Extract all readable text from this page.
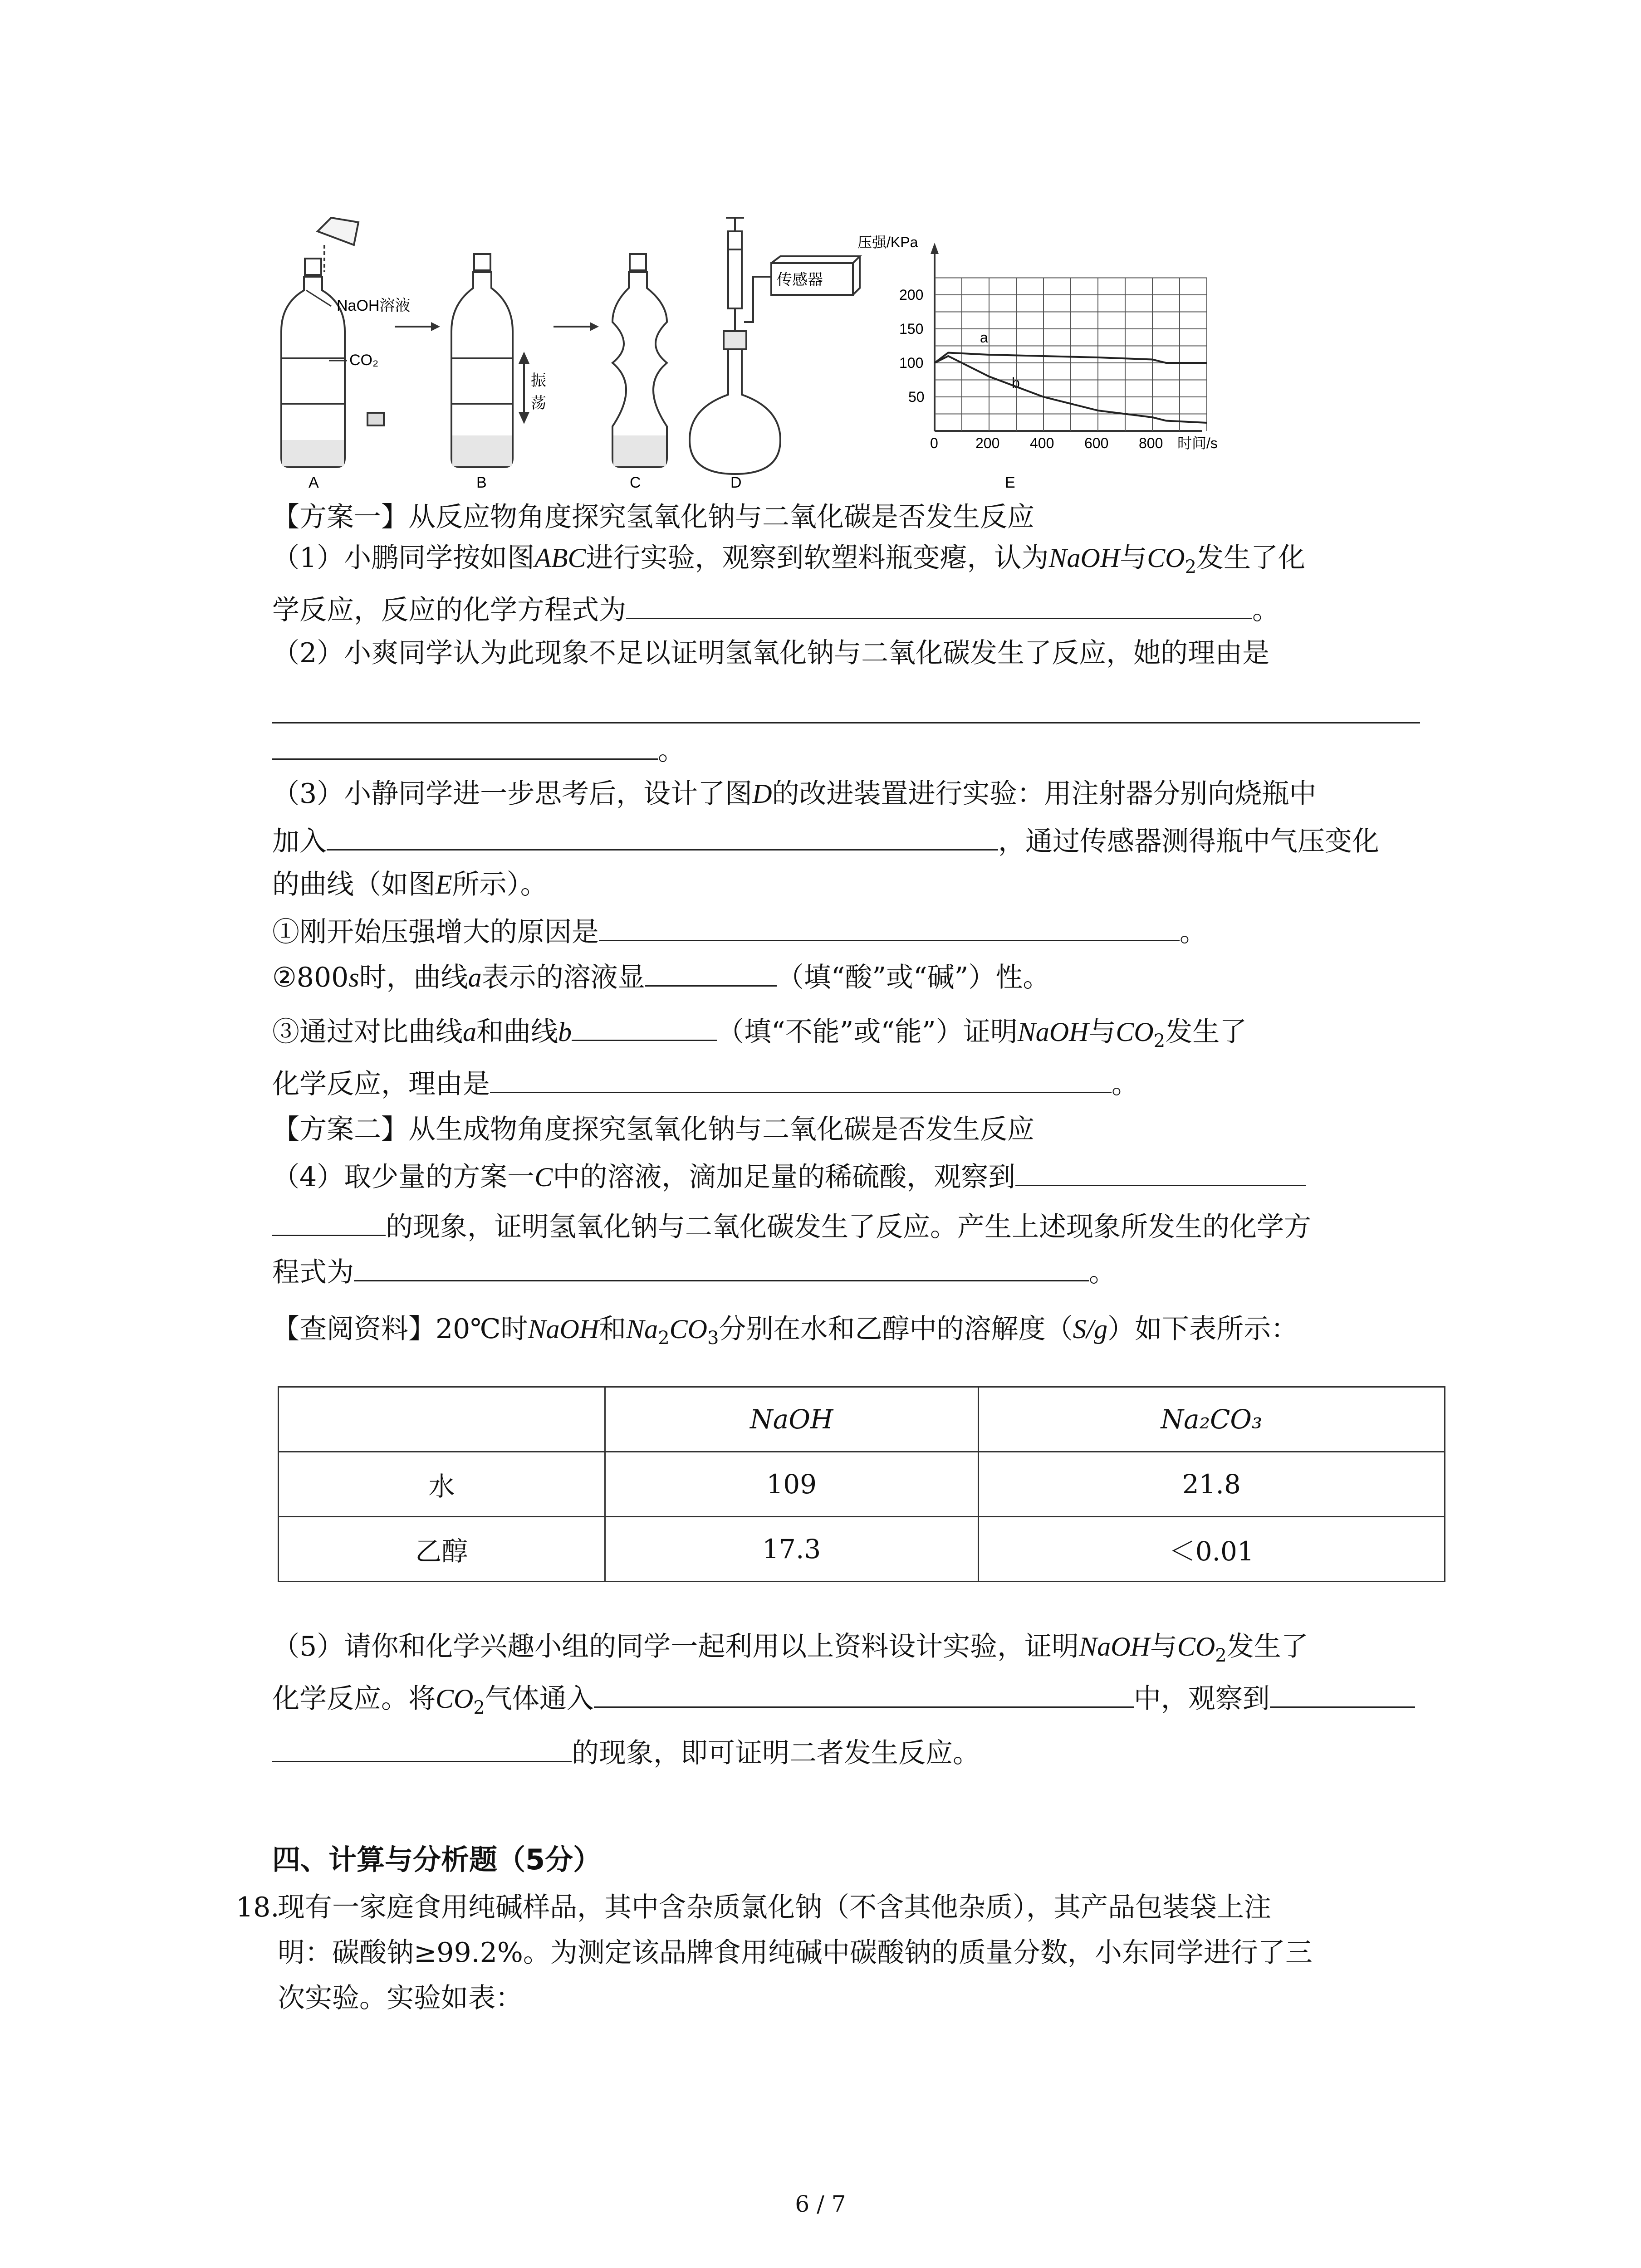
NaOH溶液
CO₂
A
振
荡
B	C
传感器
D
压强/KPa
时间/s
a
b
E
0	200 400 600 800
50
100
150
200
【方案一】从反应物角度探究氢氧化钠与二氧化碳是否发生反应
（1）小鹏同学按如图ABC进行实验，观察到软塑料瓶变瘪，认为NaOH与$CO_2$发生了化
学反应，反应的化学方程式为	。
（2）小爽同学认为此现象不足以证明氢氧化钠与二氧化碳发生了反应，她的理由是
。
（3）小静同学进一步思考后，设计了图D的改进装置进行实验：用注射器分别向烧瓶中
加入	，通过传感器测得瓶中气压变化
的曲线（如图E所示）。
①刚开始压强增大的原因是	。
②800s时，曲线a表示的溶液显	（填“酸”或“碱”）性。
③通过对比曲线a和曲线b	（填“不能”或“能”）证明NaOH与$CO_2$发生了
化学反应，理由是	。
【方案二】从生成物角度探究氢氧化钠与二氧化碳是否发生反应
（4）取少量的方案一C中的溶液，滴加足量的稀硫酸，观察到
的现象，证明氢氧化钠与二氧化碳发生了反应。产生上述现象所发生的化学方
程式为	。
【查阅资料】20℃时NaOH和$Na_2CO_3$分别在水和乙醇中的溶解度（S/g）如下表所示：
	NaOH	Na₂CO₃
水	109	21.8
乙醇	17.3	＜0.01
（5）请你和化学兴趣小组的同学一起利用以上资料设计实验，证明NaOH与$CO_2$发生了
化学反应。将$CO_2$气体通入	中，观察到
的现象，即可证明二者发生反应。
四、计算与分析题（5分）
18.
现有一家庭食用纯碱样品，其中含杂质氯化钠（不含其他杂质），其产品包装袋上注
明：碳酸钠≥99.2%。为测定该品牌食用纯碱中碳酸钠的质量分数，小东同学进行了三
次实验。实验如表：
6 / 7
